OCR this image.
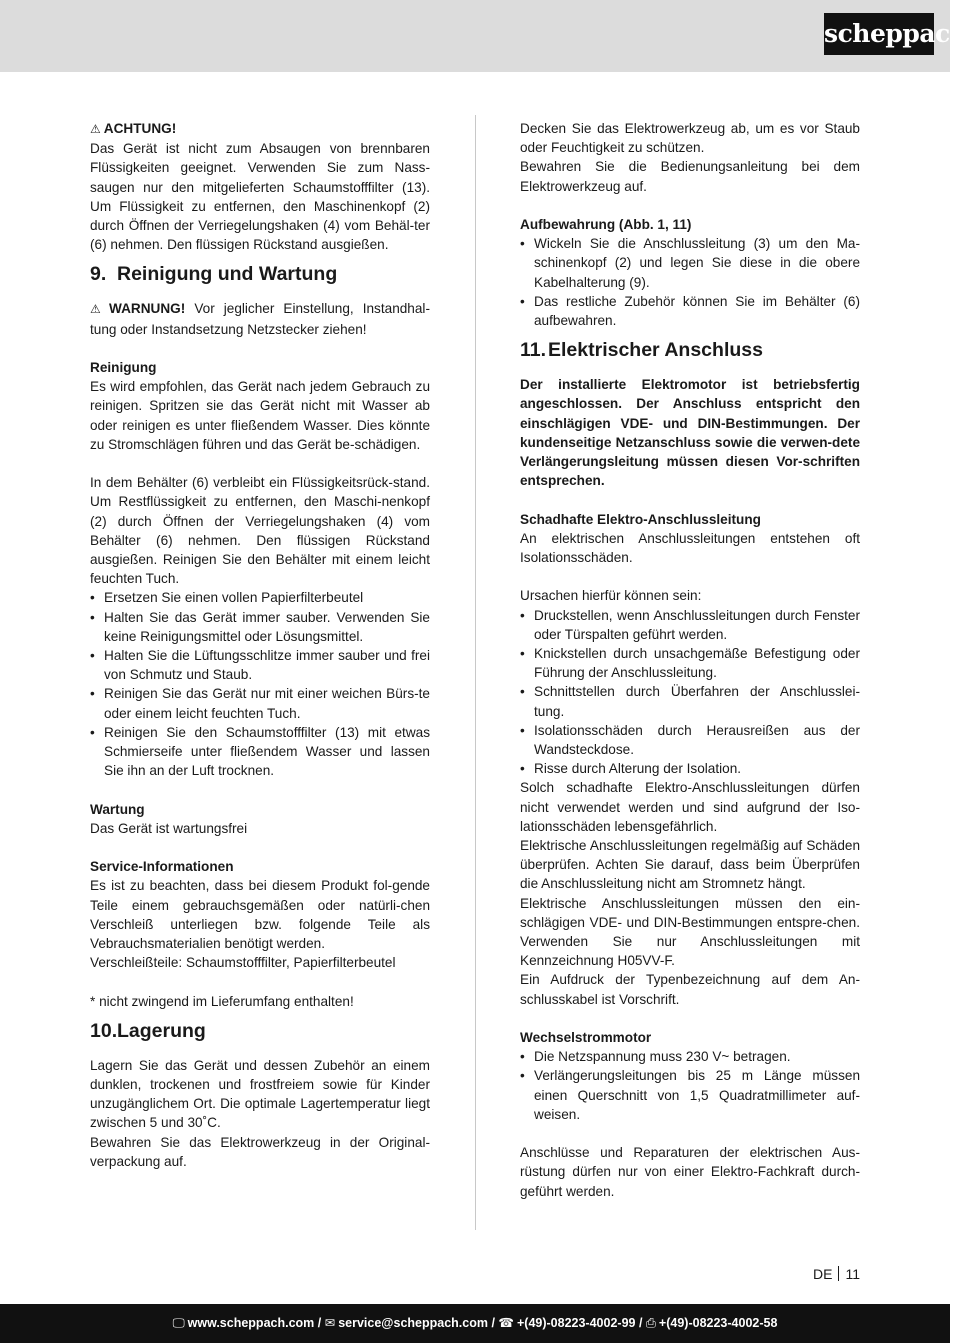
scheppach

⚠ ACHTUNG!
Das Gerät ist nicht zum Absaugen von brennbaren Flüssigkeiten geeignet. Verwenden Sie zum Nass-saugen nur den mitgelieferten Schaumstofffilter (13). Um Flüssigkeit zu entfernen, den Maschinenkopf (2) durch Öffnen der Verriegelungshaken (4) vom Behäl-ter (6) nehmen. Den flüssigen Rückstand ausgießen.

9. Reinigung und Wartung

⚠ WARNUNG! Vor jeglicher Einstellung, Instandhal-tung oder Instandsetzung Netzstecker ziehen!

Reinigung

Es wird empfohlen, das Gerät nach jedem Gebrauch zu reinigen. Spritzen sie das Gerät nicht mit Wasser ab oder reinigen es unter fließendem Wasser. Dies könnte zu Stromschlägen führen und das Gerät be-schädigen.

In dem Behälter (6) verbleibt ein Flüssigkeitsrück-stand. Um Restflüssigkeit zu entfernen, den Maschi-nenkopf (2) durch Öffnen der Verriegelungshaken (4) vom Behälter (6) nehmen. Den flüssigen Rückstand ausgießen. Reinigen Sie den Behälter mit einem leicht feuchten Tuch.

• Ersetzen Sie einen vollen Papierfilterbeutel
• Halten Sie das Gerät immer sauber. Verwenden Sie keine Reinigungsmittel oder Lösungsmittel.
• Halten Sie die Lüftungsschlitze immer sauber und frei von Schmutz und Staub.
• Reinigen Sie das Gerät nur mit einer weichen Bürs-te oder einem leicht feuchten Tuch.
• Reinigen Sie den Schaumstofffilter (13) mit etwas Schmierseife unter fließendem Wasser und lassen Sie ihn an der Luft trocknen.

Wartung

Das Gerät ist wartungsfrei

Service-Informationen

Es ist zu beachten, dass bei diesem Produkt fol-gende Teile einem gebrauchsgemäßen oder natürli-chen Verschleiß unterliegen bzw. folgende Teile als Vebrauchsmaterialien benötigt werden.

Verschleißteile: Schaumstofffilter, Papierfilterbeutel

* nicht zwingend im Lieferumfang enthalten!

10.Lagerung

Lagern Sie das Gerät und dessen Zubehör an einem dunklen, trockenen und frostfreiem sowie für Kinder unzugänglichem Ort. Die optimale Lagertemperatur liegt zwischen 5 und 30˚C.

Bewahren Sie das Elektrowerkzeug in der Original-verpackung auf.

Decken Sie das Elektrowerkzeug ab, um es vor Staub oder Feuchtigkeit zu schützen.

Bewahren Sie die Bedienungsanleitung bei dem Elektrowerkzeug auf.

Aufbewahrung (Abb. 1, 11)

• Wickeln Sie die Anschlussleitung (3) um den Ma-schinenkopf (2) und legen Sie diese in die obere Kabelhalterung (9).
• Das restliche Zubehör können Sie im Behälter (6) aufbewahren.
11. Elektrischer Anschluss

Der installierte Elektromotor ist betriebsfertig angeschlossen. Der Anschluss entspricht den einschlägigen VDE- und DIN-Bestimmungen. Der kundenseitige Netzanschluss sowie die verwen-dete Verlängerungsleitung müssen diesen Vor-schriften entsprechen.

Schadhafte Elektro-Anschlussleitung

An elektrischen Anschlussleitungen entstehen oft Isolationsschäden.

Ursachen hierfür können sein:

• Druckstellen, wenn Anschlussleitungen durch Fenster oder Türspalten geführt werden.
• Knickstellen durch unsachgemäße Befestigung oder Führung der Anschlussleitung.
• Schnittstellen durch Überfahren der Anschlusslei-tung.
• Isolationsschäden durch Herausreißen aus der Wandsteckdose.
• Risse durch Alterung der Isolation.

Solch schadhafte Elektro-Anschlussleitungen dürfen nicht verwendet werden und sind aufgrund der Iso-lationsschäden lebensgefährlich.

Elektrische Anschlussleitungen regelmäßig auf Schäden überprüfen. Achten Sie darauf, dass beim Überprüfen die Anschlussleitung nicht am Stromnetz hängt.

Elektrische Anschlussleitungen müssen den ein-schlägigen VDE- und DIN-Bestimmungen entspre-chen. Verwenden Sie nur Anschlussleitungen mit Kennzeichnung H05VV-F.

Ein Aufdruck der Typenbezeichnung auf dem An-schlusskabel ist Vorschrift.

Wechselstrommotor

• Die Netzspannung muss 230 V~ betragen.
• Verlängerungsleitungen bis 25 m Länge müssen einen Querschnitt von 1,5 Quadratmillimeter auf-weisen.

Anschlüsse und Reparaturen der elektrischen Aus-rüstung dürfen nur von einer Elektro-Fachkraft durch-geführt werden.

DE 11
🖵 www.scheppach.com / ✉ service@scheppach.com / ☎ +(49)-08223-4002-99 / ⎙ +(49)-08223-4002-58
